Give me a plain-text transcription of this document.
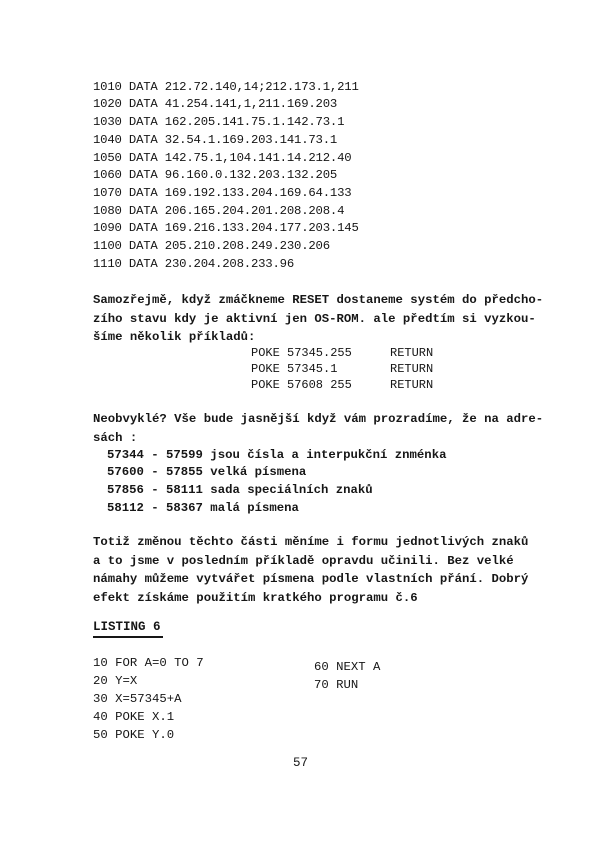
1010 DATA 212.72.140,14;212.173.1,211
1020 DATA 41.254.141,1,211.169.203
1030 DATA 162.205.141.75.1.142.73.1
1040 DATA 32.54.1.169.203.141.73.1
1050 DATA 142.75.1,104.141.14.212.40
1060 DATA 96.160.0.132.203.132.205
1070 DATA 169.192.133.204.169.64.133
1080 DATA 206.165.204.201.208.208.4
1090 DATA 169.216.133.204.177.203.145
1100 DATA 205.210.208.249.230.206
1110 DATA 230.204.208.233.96
Samozřejmě, když zmáčkneme RESET dostaneme systém do předcho-
zího stavu kdy je aktivní jen OS-ROM. ale předtím si vyzkou-
šíme několik příkladů:
POKE 57345.255	RETURN
POKE 57345.1	RETURN
POKE 57608 255	RETURN
Neobvyklé? Vše bude jasnější když vám prozradíme, že na adre-
sách :
57344 - 57599 jsou čísla a interpukční znménka
57600 - 57855 velká písmena
57856 - 58111 sada speciálních znaků
58112 - 58367 malá písmena
Totiž změnou těchto části měníme i formu jednotlivých znaků
a to jsme v posledním příkladě opravdu učinili. Bez velké
námahy můžeme vytvářet písmena podle vlastních přání. Dobrý
efekt získáme použitím kratkého programu č.6
LISTING 6
10 FOR A=0 TO 7
20 Y=X
30 X=57345+A
40 POKE X.1
50 POKE Y.0
60 NEXT A
70 RUN
57
